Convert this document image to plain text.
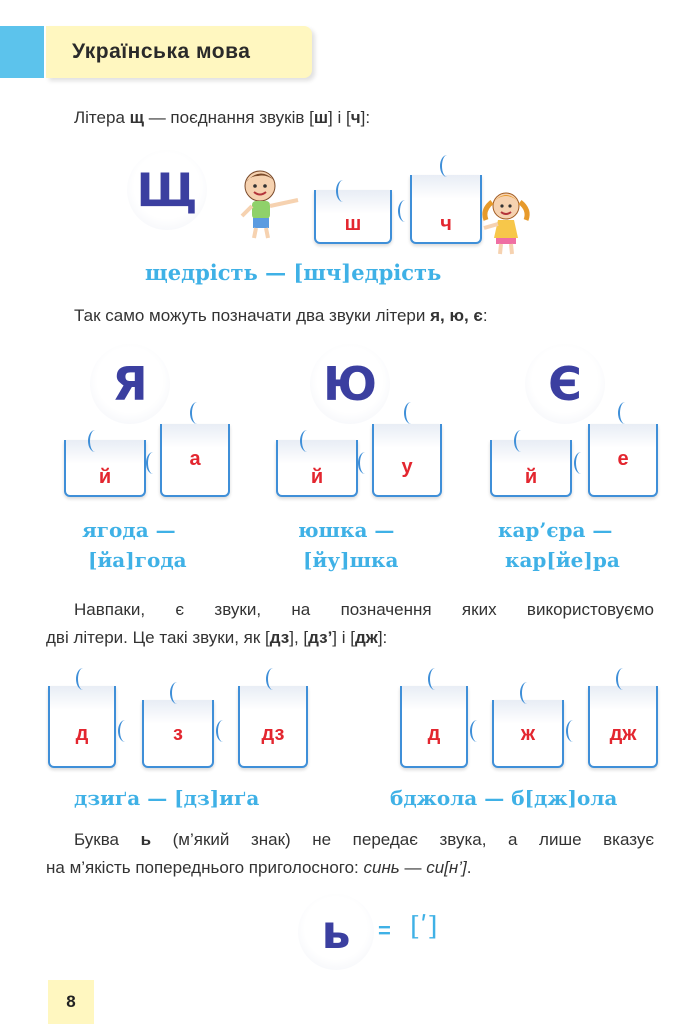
Українська мова
Літера щ — поєднання звуків [ш] і [ч]:
Щ
ш	ч
щедрість — [шч]едрість
Так само можуть позначати два звуки літери я, ю, є:
Я	Ю	Є
й
а
й	у	й
е
ягода —
[йа]года
юшка —
[йу]шка
кар’єра —
кар[йе]ра
Навпаки, є звуки, на позначення яких використовуємо
дві літери. Це такі звуки, як [дз], [дз’] і [дж]:
д	з	дз	д	ж	дж
дзиґа — [дз]иґа	бджола — б[дж]ола
Буква ь (м’який знак) не передає звука, а лише вказує
на м’якість попереднього приголосного: синь — си[н’].
ь	= [ʹ]
8
